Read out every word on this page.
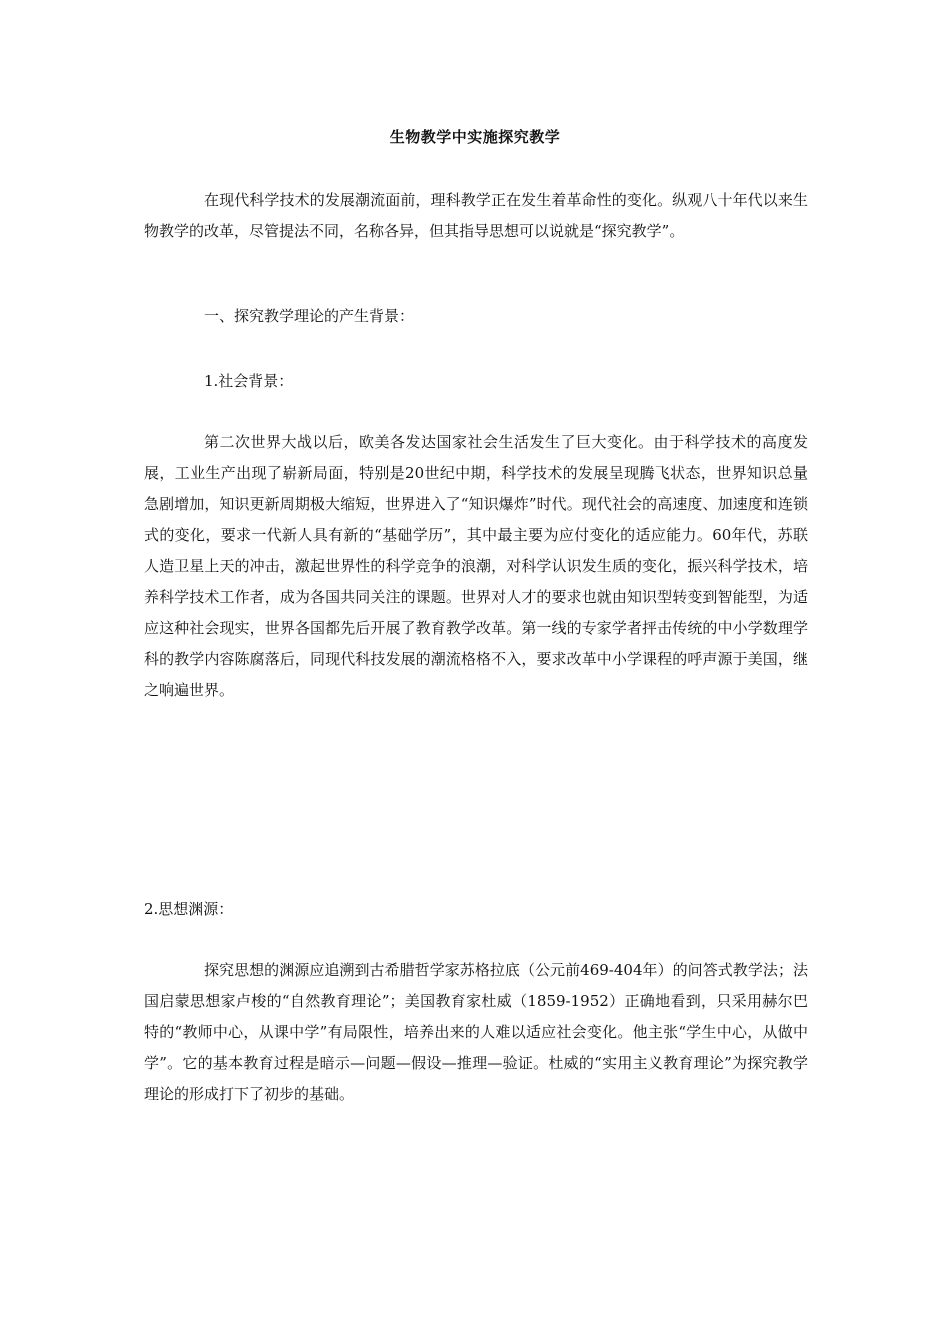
生物教学中实施探究教学

在现代科学技术的发展潮流面前，理科教学正在发生着革命性的变化。纵观八十年代以来生物教学的改革，尽管提法不同，名称各异，但其指导思想可以说就是“探究教学”。

一、探究教学理论的产生背景：

1.社会背景：

第二次世界大战以后，欧美各发达国家社会生活发生了巨大变化。由于科学技术的高度发展，工业生产出现了崭新局面，特别是20世纪中期，科学技术的发展呈现腾飞状态，世界知识总量急剧增加，知识更新周期极大缩短，世界进入了“知识爆炸”时代。现代社会的高速度、加速度和连锁式的变化，要求一代新人具有新的“基础学历”，其中最主要为应付变化的适应能力。60年代，苏联人造卫星上天的冲击，激起世界性的科学竞争的浪潮，对科学认识发生质的变化，振兴科学技术，培养科学技术工作者，成为各国共同关注的课题。世界对人才的要求也就由知识型转变到智能型，为适应这种社会现实，世界各国都先后开展了教育教学改革。第一线的专家学者抨击传统的中小学数理学科的教学内容陈腐落后，同现代科技发展的潮流格格不入，要求改革中小学课程的呼声源于美国，继之响遍世界。

2.思想渊源：

探究思想的渊源应追溯到古希腊哲学家苏格拉底（公元前469-404年）的问答式教学法；法国启蒙思想家卢梭的“自然教育理论”；美国教育家杜威（1859-1952）正确地看到，只采用赫尔巴特的“教师中心，从课中学”有局限性，培养出来的人难以适应社会变化。他主张“学生中心，从做中学”。它的基本教育过程是暗示—问题—假设—推理—验证。杜威的“实用主义教育理论”为探究教学理论的形成打下了初步的基础。
